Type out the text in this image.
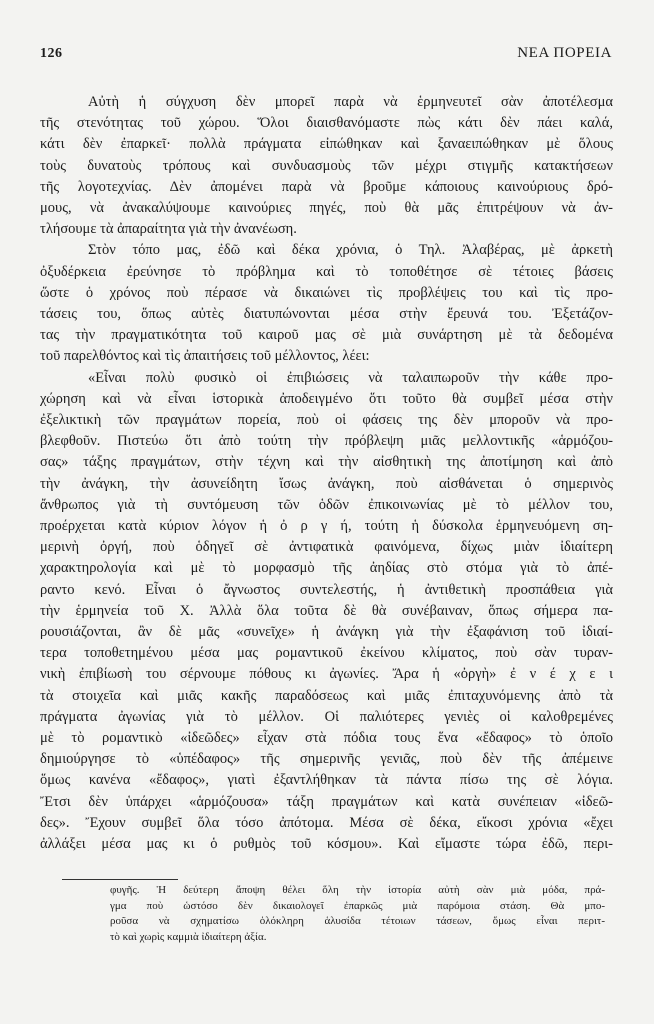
126	ΝΕΑ ΠΟΡΕΙΑ
Αὐτὴ ἡ σύγχυση δὲν μπορεῖ παρὰ νὰ ἑρμηνευτεῖ σὰν ἀποτέλεσμα
τῆς στενότητας τοῦ χώρου. Ὅλοι διαισθανόμαστε πὼς κάτι δὲν πάει καλά,
κάτι δὲν ἐπαρκεῖ· πολλὰ πράγματα εἰπώθηκαν καὶ ξαναειπώθηκαν μὲ ὅλους
τοὺς δυνατοὺς τρόπους καὶ συνδυασμοὺς τῶν μέχρι στιγμῆς κατακτήσεων
τῆς λογοτεχνίας. Δὲν ἀπομένει παρὰ νὰ βροῦμε κάποιους καινούριους δρό-
μους, νὰ ἀνακαλύψουμε καινούριες πηγές, ποὺ θὰ μᾶς ἐπιτρέψουν νὰ ἀν-
τλήσουμε τὰ ἀπαραίτητα γιὰ τὴν ἀνανέωση.
Στὸν τόπο μας, ἐδῶ καὶ δέκα χρόνια, ὁ Τηλ. Ἀλαβέρας, μὲ ἀρκετὴ
ὀξυδέρκεια ἐρεύνησε τὸ πρόβλημα καὶ τὸ τοποθέτησε σὲ τέτοιες βάσεις
ὥστε ὁ χρόνος ποὺ πέρασε νὰ δικαιώνει τὶς προβλέψεις του καὶ τὶς προ-
τάσεις του, ὅπως αὐτὲς διατυπώνονται μέσα στὴν ἔρευνά του. Ἐξετάζον-
τας τὴν πραγματικότητα τοῦ καιροῦ μας σὲ μιὰ συνάρτηση μὲ τὰ δεδομένα
τοῦ παρελθόντος καὶ τὶς ἀπαιτήσεις τοῦ μέλλοντος, λέει:
«Εἶναι πολὺ φυσικὸ οἱ ἐπιβιώσεις νὰ ταλαιπωροῦν τὴν κάθε προ-
χώρηση καὶ νὰ εἶναι ἱστορικὰ ἀποδειγμένο ὅτι τοῦτο θὰ συμβεῖ μέσα στὴν
ἐξελικτικὴ τῶν πραγμάτων πορεία, ποὺ οἱ φάσεις της δὲν μποροῦν νὰ προ-
βλεφθοῦν. Πιστεύω ὅτι ἀπὸ τούτη τὴν πρόβλεψη μιᾶς μελλοντικῆς «ἁρμόζου-
σας» τάξης πραγμάτων, στὴν τέχνη καὶ τὴν αἰσθητικὴ της ἀποτίμηση καὶ ἀπὸ
τὴν ἀνάγκη, τὴν ἀσυνείδητη ἴσως ἀνάγκη, ποὺ αἰσθάνεται ὁ σημερινὸς
ἄνθρωπος γιὰ τὴ συντόμευση τῶν ὁδῶν ἐπικοινωνίας μὲ τὸ μέλλον του,
προέρχεται κατὰ κύριον λόγον ἡ ὀ ρ γ ή, τούτη ἡ δύσκολα ἑρμηνευόμενη ση-
μερινὴ ὀργή, ποὺ ὁδηγεῖ σὲ ἀντιφατικὰ φαινόμενα, δίχως μιὰν ἰδιαίτερη
χαρακτηρολογία καὶ μὲ τὸ μορφασμὸ τῆς ἀηδίας στὸ στόμα γιὰ τὸ ἀπέ-
ραντο κενό. Εἶναι ὁ ἄγνωστος συντελεστής, ἡ ἀντιθετικὴ προσπάθεια γιὰ
τὴν ἑρμηνεία τοῦ Χ. Ἀλλὰ ὅλα τοῦτα δὲ θὰ συνέβαιναν, ὅπως σήμερα πα-
ρουσιάζονται, ἂν δὲ μᾶς «συνεῖχε» ἡ ἀνάγκη γιὰ τὴν ἐξαφάνιση τοῦ ἰδιαί-
τερα τοποθετημένου μέσα μας ρομαντικοῦ ἐκείνου κλίματος, ποὺ σὰν τυραν-
νικὴ ἐπιβίωσὴ του σέρνουμε πόθους κι ἀγωνίες. Ἄρα ἡ «ὀργὴ» ἐ ν έ χ ε ι
τὰ στοιχεῖα καὶ μιᾶς κακῆς παραδόσεως καὶ μιᾶς ἐπιταχυνόμενης ἀπὸ τὰ
πράγματα ἀγωνίας γιὰ τὸ μέλλον. Οἱ παλιότερες γενιὲς οἱ καλοθρεμένες
μὲ τὸ ρομαντικὸ «ἰδεῶδες» εἶχαν στὰ πόδια τους ἕνα «ἔδαφος» τὸ ὁποῖο
δημιούργησε τὸ «ὑπέδαφος» τῆς σημερινῆς γενιᾶς, ποὺ δὲν τῆς ἀπέμεινε
ὅμως κανένα «ἔδαφος», γιατὶ ἐξαντλήθηκαν τὰ πάντα πίσω της σὲ λόγια.
Ἔτσι δὲν ὑπάρχει «ἁρμόζουσα» τάξη πραγμάτων καὶ κατὰ συνέπειαν «ἰδεῶ-
δες». Ἔχουν συμβεῖ ὅλα τόσο ἀπότομα. Μέσα σὲ δέκα, εἴκοσι χρόνια «ἔχει
ἀλλάξει μέσα μας κι ὁ ρυθμὸς τοῦ κόσμου». Καὶ εἴμαστε τώρα ἐδῶ, περι-
φυγῆς. Ἡ δεύτερη ἄποψη θέλει ὅλη τὴν ἱστορία αὐτὴ σὰν μιὰ μόδα, πρά-
γμα ποὺ ὡστόσο δὲν δικαιολογεῖ ἐπαρκῶς μιὰ παρόμοια στάση. Θὰ μπο-
ροῦσα νὰ σχηματίσω ὁλόκληρη ἁλυσίδα τέτοιων τάσεων, ὅμως εἶναι περιτ-
τὸ καὶ χωρὶς καμμιὰ ἰδιαίτερη ἀξία.
